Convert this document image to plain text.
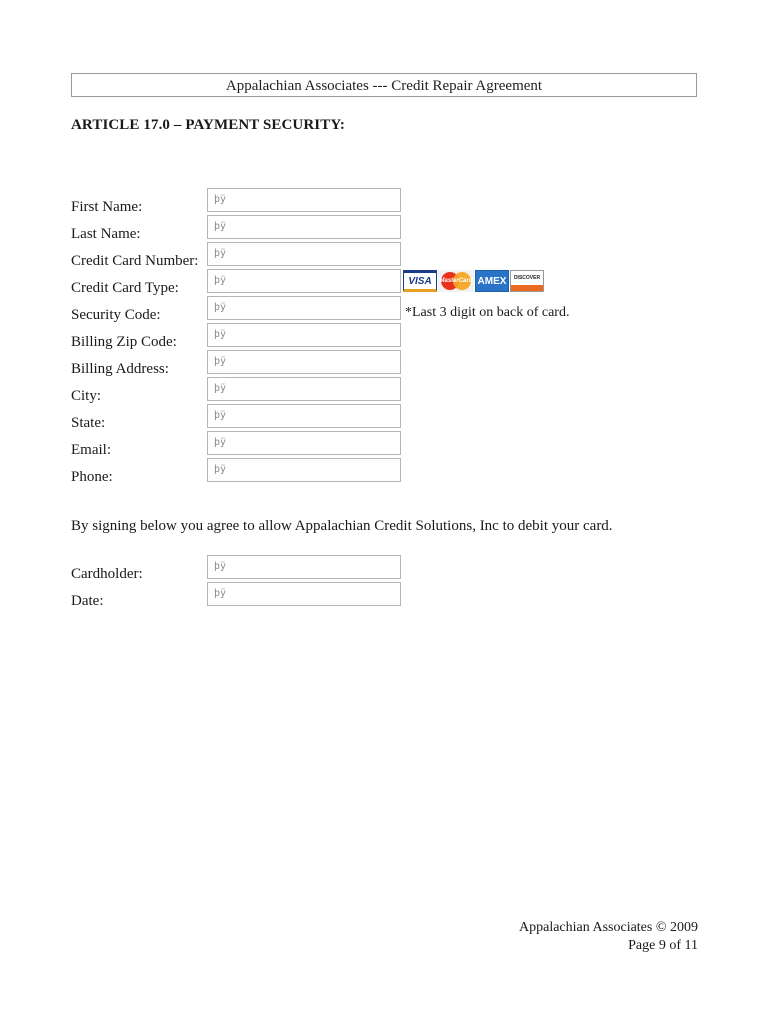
Appalachian Associates --- Credit Repair Agreement
ARTICLE 17.0 – PAYMENT SECURITY:
First Name:	þÿ
Last Name:	þÿ
Credit Card Number:	þÿ
Credit Card Type:	þÿ	VISA	MasterCard AMEX	DISCOVER
Security Code:	þÿ	*Last 3 digit on back of card.
Billing Zip Code:	þÿ
Billing Address:	þÿ
City:	þÿ
State:	þÿ
Email:	þÿ
Phone:	þÿ
By signing below you agree to allow Appalachian Credit Solutions, Inc to debit your card.
Cardholder:	þÿ
Date:	þÿ
Appalachian Associates © 2009
Page 9 of 11
